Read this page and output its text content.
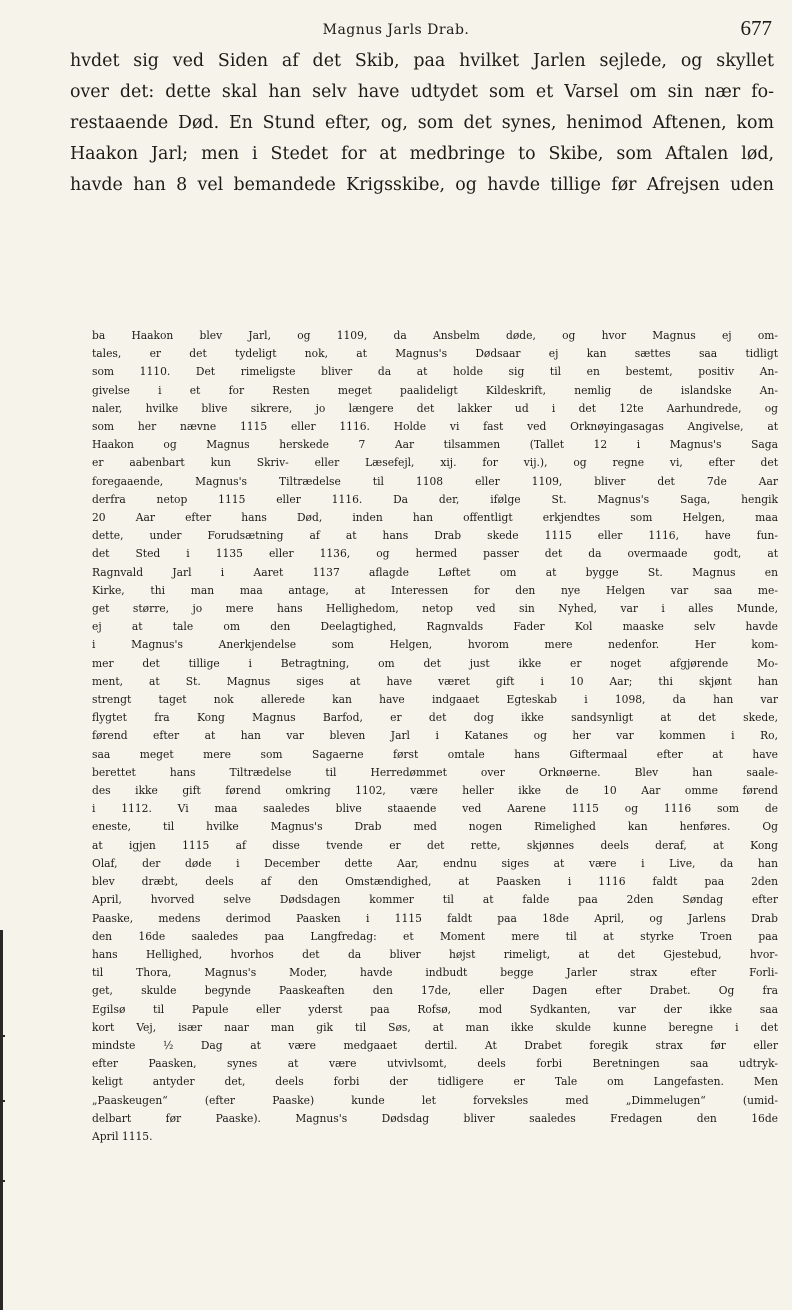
Magnus Jarls Drab.	677
hvdet sig ved Siden af det Skib, paa hvilket Jarlen sejlede, og skyllet
over det: dette skal han selv have udtydet som et Varsel om sin nær fo-
restaaende Død. En Stund efter, og, som det synes, henimod Aftenen, kom
Haakon Jarl; men i Stedet for at medbringe to Skibe, som Aftalen lød,
havde han 8 vel bemandede Krigsskibe, og havde tillige før Afrejsen uden
ba Haakon blev Jarl, og 1109, da Ansbelm døde, og hvor Magnus ej om-
tales, er det tydeligt nok, at Magnus's Dødsaar ej kan sættes saa tidligt
som 1110. Det rimeligste bliver da at holde sig til en bestemt, positiv An-
givelse i et for Resten meget paalideligt Kildeskrift, nemlig de islandske An-
naler, hvilke blive sikrere, jo længere det lakker ud i det 12te Aarhundrede, og
som her nævne 1115 eller 1116. Holde vi fast ved Orknøyingasagas Angivelse, at
Haakon og Magnus herskede 7 Aar tilsammen (Tallet 12 i Magnus's Saga
er aabenbart kun Skriv- eller Læsefejl, xij. for vij.), og regne vi, efter det
foregaaende, Magnus's Tiltrædelse til 1108 eller 1109, bliver det 7de Aar
derfra netop 1115 eller 1116. Da der, ifølge St. Magnus's Saga, hengik
20 Aar efter hans Død, inden han offentligt erkjendtes som Helgen, maa
dette, under Forudsætning af at hans Drab skede 1115 eller 1116, have fun-
det Sted i 1135 eller 1136, og hermed passer det da overmaade godt, at
Ragnvald Jarl i Aaret 1137 aflagde Løftet om at bygge St. Magnus en
Kirke, thi man maa antage, at Interessen for den nye Helgen var saa me-
get større, jo mere hans Hellighedom, netop ved sin Nyhed, var i alles Munde,
ej at tale om den Deelagtighed, Ragnvalds Fader Kol maaske selv havde
i Magnus's Anerkjendelse som Helgen, hvorom mere nedenfor. Her kom-
mer det tillige i Betragtning, om det just ikke er noget afgjørende Mo-
ment, at St. Magnus siges at have været gift i 10 Aar; thi skjønt han
strengt taget nok allerede kan have indgaaet Egteskab i 1098, da han var
flygtet fra Kong Magnus Barfod, er det dog ikke sandsynligt at det skede,
førend efter at han var bleven Jarl i Katanes og her var kommen i Ro,
saa meget mere som Sagaerne først omtale hans Giftermaal efter at have
berettet hans Tiltrædelse til Herredømmet over Orknøerne. Blev han saale-
des ikke gift førend omkring 1102, være heller ikke de 10 Aar omme førend
i 1112. Vi maa saaledes blive staaende ved Aarene 1115 og 1116 som de
eneste, til hvilke Magnus's Drab med nogen Rimelighed kan henføres. Og
at igjen 1115 af disse tvende er det rette, skjønnes deels deraf, at Kong
Olaf, der døde i December dette Aar, endnu siges at være i Live, da han
blev dræbt, deels af den Omstændighed, at Paasken i 1116 faldt paa 2den
April, hvorved selve Dødsdagen kommer til at falde paa 2den Søndag efter
Paaske, medens derimod Paasken i 1115 faldt paa 18de April, og Jarlens Drab
den 16de saaledes paa Langfredag: et Moment mere til at styrke Troen paa
hans Hellighed, hvorhos det da bliver højst rimeligt, at det Gjestebud, hvor-
til Thora, Magnus's Moder, havde indbudt begge Jarler strax efter Forli-
get, skulde begynde Paaskeaften den 17de, eller Dagen efter Drabet. Og fra
Egilsø til Papule eller yderst paa Rofsø, mod Sydkanten, var der ikke saa
kort Vej, især naar man gik til Søs, at man ikke skulde kunne beregne i det
mindste ½ Dag at være medgaaet dertil. At Drabet foregik strax før eller
efter Paasken, synes at være utvivlsomt, deels forbi Beretningen saa udtryk-
keligt antyder det, deels forbi der tidligere er Tale om Langefasten. Men
„Paaskeugen“ (efter Paaske) kunde let forveksles med „Dimmelugen“ (umid-
delbart før Paaske). Magnus's Dødsdag bliver saaledes Fredagen den 16de
April 1115.
